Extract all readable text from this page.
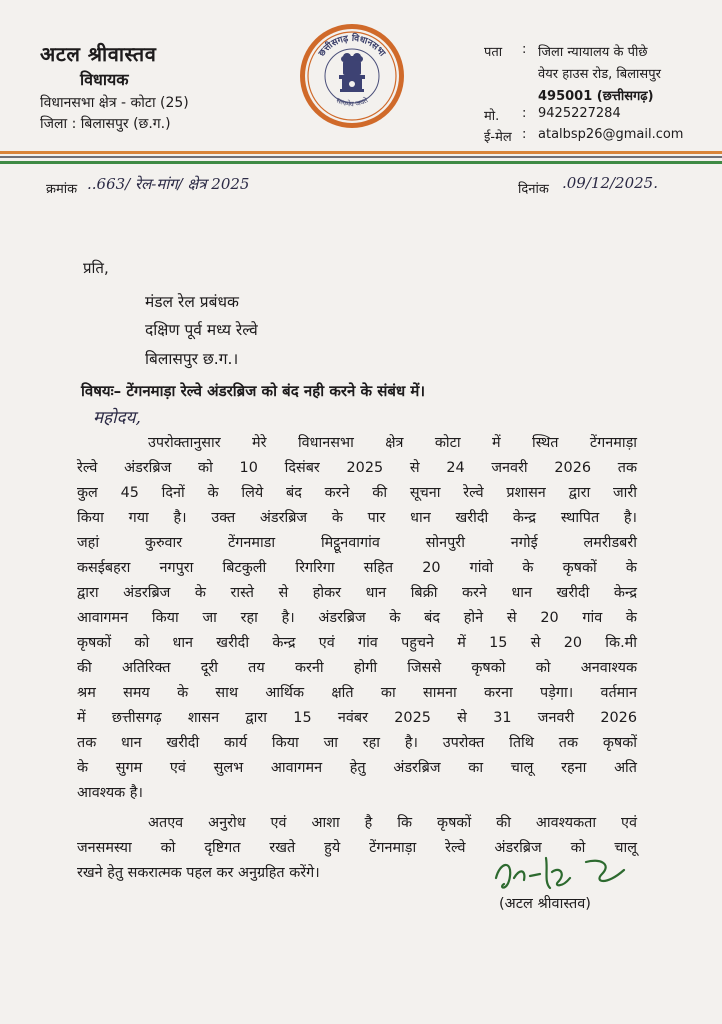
अटल श्रीवास्तव
विधायक
विधानसभा क्षेत्र - कोटा (25)
जिला : बिलासपुर (छ.ग.)
छत्तीसगढ़ विधानसभा
सत्यमेव जयते
पता : जिला न्यायालय के पीछे
वेयर हाउस रोड, बिलासपुर
495001 (छत्तीसगढ़)
मो. : 9425227284
ई-मेल : atalbsp26@gmail.com
क्रमांक ..663/ रेल-मांग/ क्षेत्र 2025	दिनांक .09/12/2025.
प्रति,
मंडल रेल प्रबंधक
दक्षिण पूर्व मध्य रेल्वे
बिलासपुर छ.ग.।
विषयः– टेंगनमाड़ा रेल्वे अंडरब्रिज को बंद नही करने के संबंध में।
महोदय,
उपरोक्तानुसार मेरे विधानसभा क्षेत्र कोटा में स्थित टेंगनमाड़ा
रेल्वे अंडरब्रिज को 10 दिसंबर 2025 से 24 जनवरी 2026 तक
कुल 45 दिनों के लिये बंद करने की सूचना रेल्वे प्रशासन द्वारा जारी
किया गया है। उक्त अंडरब्रिज के पार धान खरीदी केन्द्र स्थापित है।
जहां कुरुवार टेंगनमाडा मिट्ठूनवागांव सोनपुरी नगोई लमरीडबरी
कसईबहरा नगपुरा बिटकुली रिगरिगा सहित 20 गांवो के कृषकों के
द्वारा अंडरब्रिज के रास्ते से होकर धान बिक्री करने धान खरीदी केन्द्र
आवागमन किया जा रहा है। अंडरब्रिज के बंद होने से 20 गांव के
कृषकों को धान खरीदी केन्द्र एवं गांव पहुचने में 15 से 20 कि.मी
की अतिरिक्त दूरी तय करनी होगी जिससे कृषको को अनवाश्यक
श्रम समय के साथ आर्थिक क्षति का सामना करना पड़ेगा। वर्तमान
में छत्तीसगढ़ शासन द्वारा 15 नवंबर 2025 से 31 जनवरी 2026
तक धान खरीदी कार्य किया जा रहा है। उपरोक्त तिथि तक कृषकों
के सुगम एवं सुलभ आवागमन हेतु अंडरब्रिज का चालू रहना अति
आवश्यक है।
अतएव अनुरोध एवं आशा है कि कृषकों की आवश्यकता एवं
जनसमस्या को दृष्टिगत रखते हुये टेंगनमाड़ा रेल्वे अंडरब्रिज को चालू
रखने हेतु सकरात्मक पहल कर अनुग्रहित करेंगे।
(अटल श्रीवास्तव)
